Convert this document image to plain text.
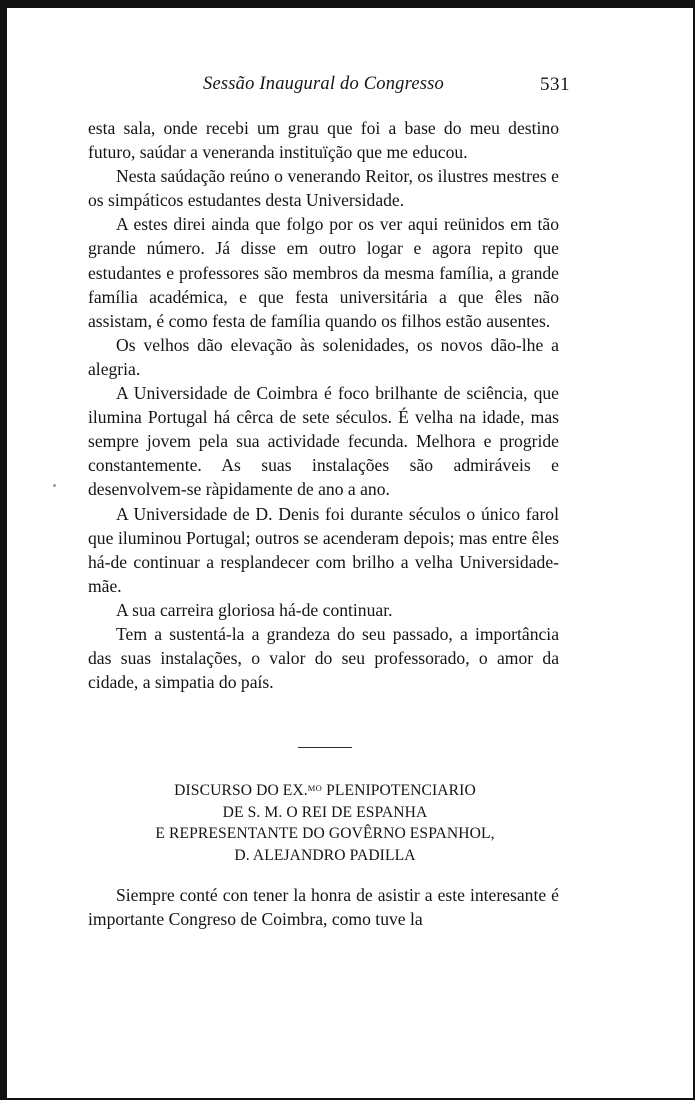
Sessão Inaugural do Congresso	531

esta sala, onde recebi um grau que foi a base do meu destino futuro, saúdar a veneranda instituïção que me educou.

Nesta saúdação reúno o venerando Reitor, os ilustres mestres e os simpáticos estudantes desta Universidade.

A estes direi ainda que folgo por os ver aqui reünidos em tão grande número. Já disse em outro logar e agora repito que estudantes e professores são membros da mesma família, a grande família académica, e que festa universitária a que êles não assistam, é como festa de família quando os filhos estão ausentes.

Os velhos dão elevação às solenidades, os novos dão-lhe a alegria.

A Universidade de Coimbra é foco brilhante de sciência, que ilumina Portugal há cêrca de sete séculos. É velha na idade, mas sempre jovem pela sua actividade fecunda. Melhora e progride constantemente. As suas instalações são admiráveis e desenvolvem-se ràpidamente de ano a ano.

A Universidade de D. Denis foi durante séculos o único farol que iluminou Portugal; outros se acenderam depois; mas entre êles há-de continuar a resplandecer com brilho a velha Universidade-mãe.

A sua carreira gloriosa há-de continuar.

Tem a sustentá-la a grandeza do seu passado, a importância das suas instalações, o valor do seu professorado, o amor da cidade, a simpatia do país.

DISCURSO DO EX.$^{MO}$ PLENIPOTENCIARIO
DE S. M. O REI DE ESPANHA
E REPRESENTANTE DO GOVÊRNO ESPANHOL,
D. ALEJANDRO PADILLA

Siempre conté con tener la honra de asistir a este interesante é importante Congreso de Coimbra, como tuve la
